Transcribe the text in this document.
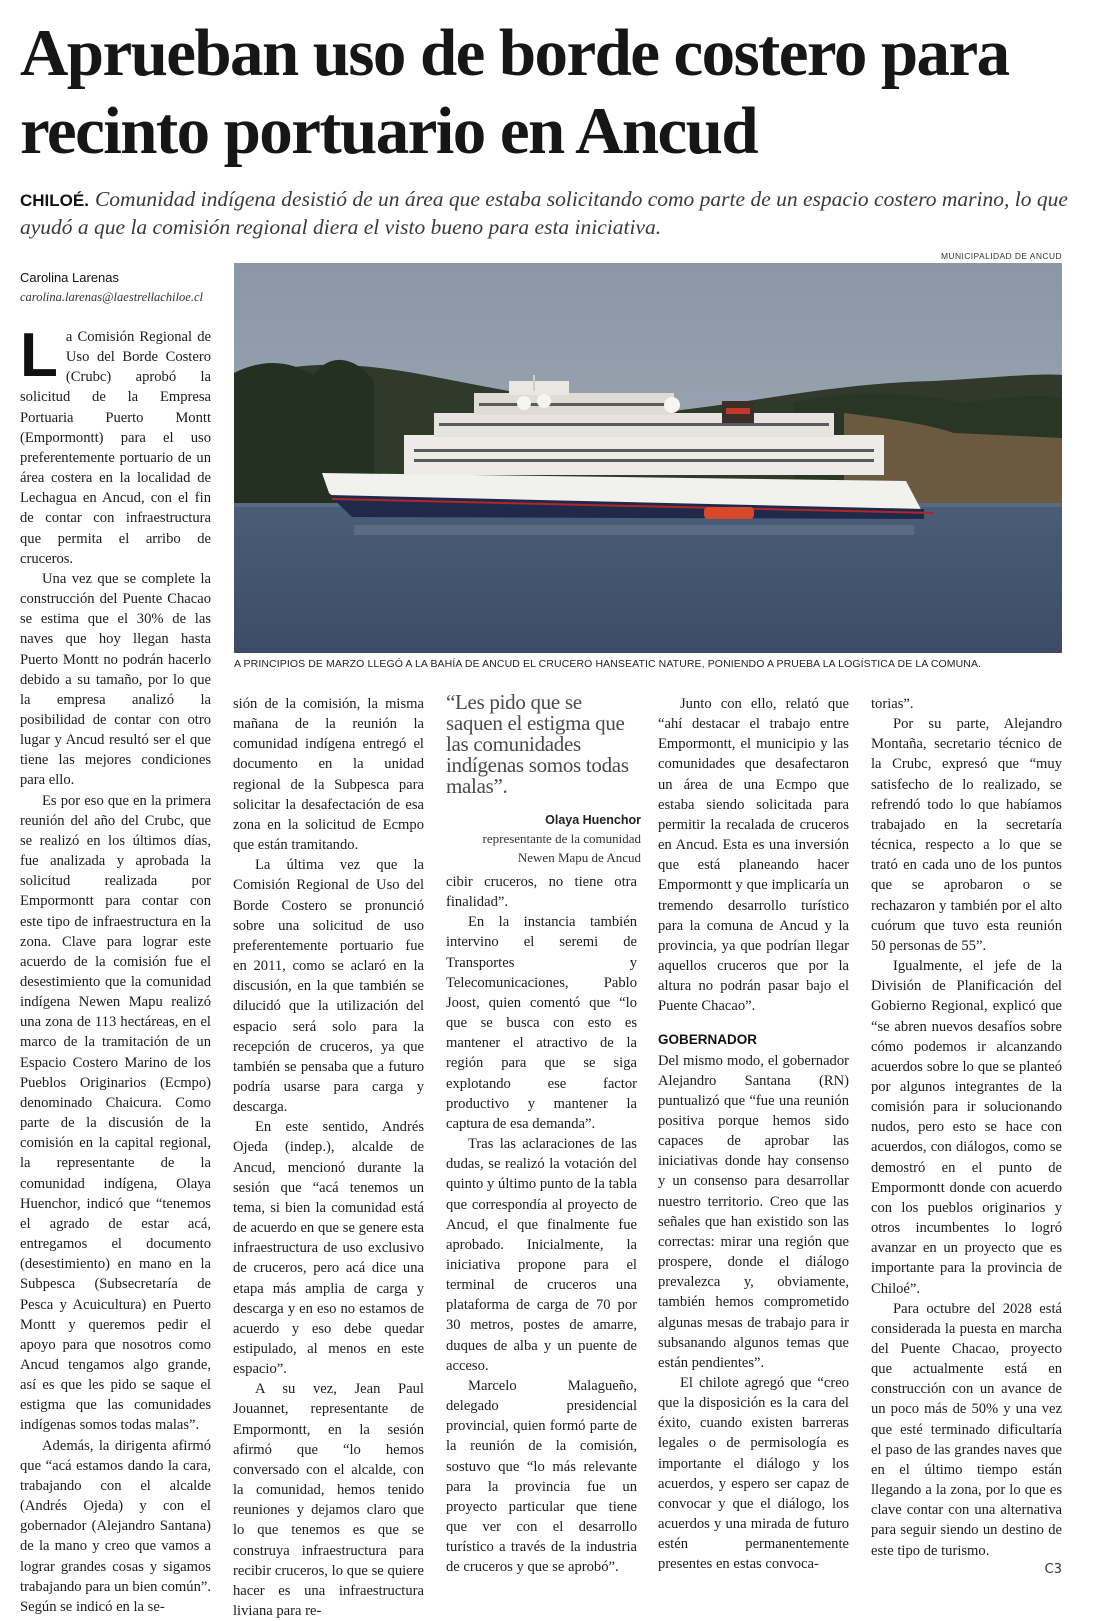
Aprueban uso de borde costero para recinto portuario en Ancud
CHILOÉ. Comunidad indígena desistió de un área que estaba solicitando como parte de un espacio costero marino, lo que ayudó a que la comisión regional diera el visto bueno para esta iniciativa.
Carolina Larenas
carolina.larenas@laestrellachiloe.cl
MUNICIPALIDAD DE ANCUD
A PRINCIPIOS DE MARZO LLEGÓ A LA BAHÍA DE ANCUD EL CRUCERO HANSEATIC NATURE, PONIENDO A PRUEBA LA LOGÍSTICA DE LA COMUNA.

La Comisión Regional de Uso del Borde Costero (Crubc) aprobó la solicitud de la Empresa Portuaria Puerto Montt (Empormontt) para el uso preferentemente portuario de un área costera en la localidad de Lechagua en Ancud, con el fin de contar con infraestructura que permita el arribo de cruceros.

Una vez que se complete la construcción del Puente Chacao se estima que el 30% de las naves que hoy llegan hasta Puerto Montt no podrán hacerlo debido a su tamaño, por lo que la empresa analizó la posibilidad de contar con otro lugar y Ancud resultó ser el que tiene las mejores condiciones para ello.

Es por eso que en la primera reunión del año del Crubc, que se realizó en los últimos días, fue analizada y aprobada la solicitud realizada por Empormontt para contar con este tipo de infraestructura en la zona. Clave para lograr este acuerdo de la comisión fue el desestimiento que la comunidad indígena Newen Mapu realizó una zona de 113 hectáreas, en el marco de la tramitación de un Espacio Costero Marino de los Pueblos Originarios (Ecmpo) denominado Chaicura. Como parte de la discusión de la comisión en la capital regional, la representante de la comunidad indígena, Olaya Huenchor, indicó que “tenemos el agrado de estar acá, entregamos el documento (desestimiento) en mano en la Subpesca (Subsecretaría de Pesca y Acuicultura) en Puerto Montt y queremos pedir el apoyo para que nosotros como Ancud tengamos algo grande, así es que les pido se saque el estigma que las comunidades indígenas somos todas malas”.

Además, la dirigenta afirmó que “acá estamos dando la cara, trabajando con el alcalde (Andrés Ojeda) y con el gobernador (Alejandro Santana) de la mano y creo que vamos a lograr grandes cosas y sigamos trabajando para un bien común”. Según se indicó en la se-

sión de la comisión, la misma mañana de la reunión la comunidad indígena entregó el documento en la unidad regional de la Subpesca para solicitar la desafectación de esa zona en la solicitud de Ecmpo que están tramitando.

La última vez que la Comisión Regional de Uso del Borde Costero se pronunció sobre una solicitud de uso preferentemente portuario fue en 2011, como se aclaró en la discusión, en la que también se dilucidó que la utilización del espacio será solo para la recepción de cruceros, ya que también se pensaba que a futuro podría usarse para carga y descarga.

En este sentido, Andrés Ojeda (indep.), alcalde de Ancud, mencionó durante la sesión que “acá tenemos un tema, si bien la comunidad está de acuerdo en que se genere esta infraestructura de uso exclusivo de cruceros, pero acá dice una etapa más amplia de carga y descarga y en eso no estamos de acuerdo y eso debe quedar estipulado, al menos en este espacio”.

A su vez, Jean Paul Jouannet, representante de Empormontt, en la sesión afirmó que “lo hemos conversado con el alcalde, con la comunidad, hemos tenido reuniones y dejamos claro que lo que tenemos es que se construya infraestructura para recibir cruceros, lo que se quiere hacer es una infraestructura liviana para re-

“Les pido que se saquen el estigma que las comunidades indígenas somos todas malas”.
Olaya Huenchor
representante de la comunidad Newen Mapu de Ancud

cibir cruceros, no tiene otra finalidad”.

En la instancia también intervino el seremi de Transportes y Telecomunicaciones, Pablo Joost, quien comentó que “lo que se busca con esto es mantener el atractivo de la región para que se siga explotando ese factor productivo y mantener la captura de esa demanda”.

Tras las aclaraciones de las dudas, se realizó la votación del quinto y último punto de la tabla que correspondía al proyecto de Ancud, el que finalmente fue aprobado. Inicialmente, la iniciativa propone para el terminal de cruceros una plataforma de carga de 70 por 30 metros, postes de amarre, duques de alba y un puente de acceso.

Marcelo Malagueño, delegado presidencial provincial, quien formó parte de la reunión de la comisión, sostuvo que “lo más relevante para la provincia fue un proyecto particular que tiene que ver con el desarrollo turístico a través de la industria de cruceros y que se aprobó”.

Junto con ello, relató que “ahí destacar el trabajo entre Empormontt, el municipio y las comunidades que desafectaron un área de una Ecmpo que estaba siendo solicitada para permitir la recalada de cruceros en Ancud. Esta es una inversión que está planeando hacer Empormontt y que implicaría un tremendo desarrollo turístico para la comuna de Ancud y la provincia, ya que podrían llegar aquellos cruceros que por la altura no podrán pasar bajo el Puente Chacao”.

GOBERNADOR

Del mismo modo, el gobernador Alejandro Santana (RN) puntualizó que “fue una reunión positiva porque hemos sido capaces de aprobar las iniciativas donde hay consenso y un consenso para desarrollar nuestro territorio. Creo que las señales que han existido son las correctas: mirar una región que prospere, donde el diálogo prevalezca y, obviamente, también hemos comprometido algunas mesas de trabajo para ir subsanando algunos temas que están pendientes”.

El chilote agregó que “creo que la disposición es la cara del éxito, cuando existen barreras legales o de permisología es importante el diálogo y los acuerdos, y espero ser capaz de convocar y que el diálogo, los acuerdos y una mirada de futuro estén permanentemente presentes en estas convoca-

torias”.

Por su parte, Alejandro Montaña, secretario técnico de la Crubc, expresó que “muy satisfecho de lo realizado, se refrendó todo lo que habíamos trabajado en la secretaría técnica, respecto a lo que se trató en cada uno de los puntos que se aprobaron o se rechazaron y también por el alto cuórum que tuvo esta reunión 50 personas de 55”.

Igualmente, el jefe de la División de Planificación del Gobierno Regional, explicó que “se abren nuevos desafíos sobre cómo podemos ir alcanzando acuerdos sobre lo que se planteó por algunos integrantes de la comisión para ir solucionando nudos, pero esto se hace con acuerdos, con diálogos, como se demostró en el punto de Empormontt donde con acuerdo con los pueblos originarios y otros incumbentes lo logró avanzar en un proyecto que es importante para la provincia de Chiloé”.

Para octubre del 2028 está considerada la puesta en marcha del Puente Chacao, proyecto que actualmente está en construcción con un avance de un poco más de 50% y una vez que esté terminado dificultaría el paso de las grandes naves que en el último tiempo están llegando a la zona, por lo que es clave contar con una alternativa para seguir siendo un destino de este tipo de turismo.

C3
